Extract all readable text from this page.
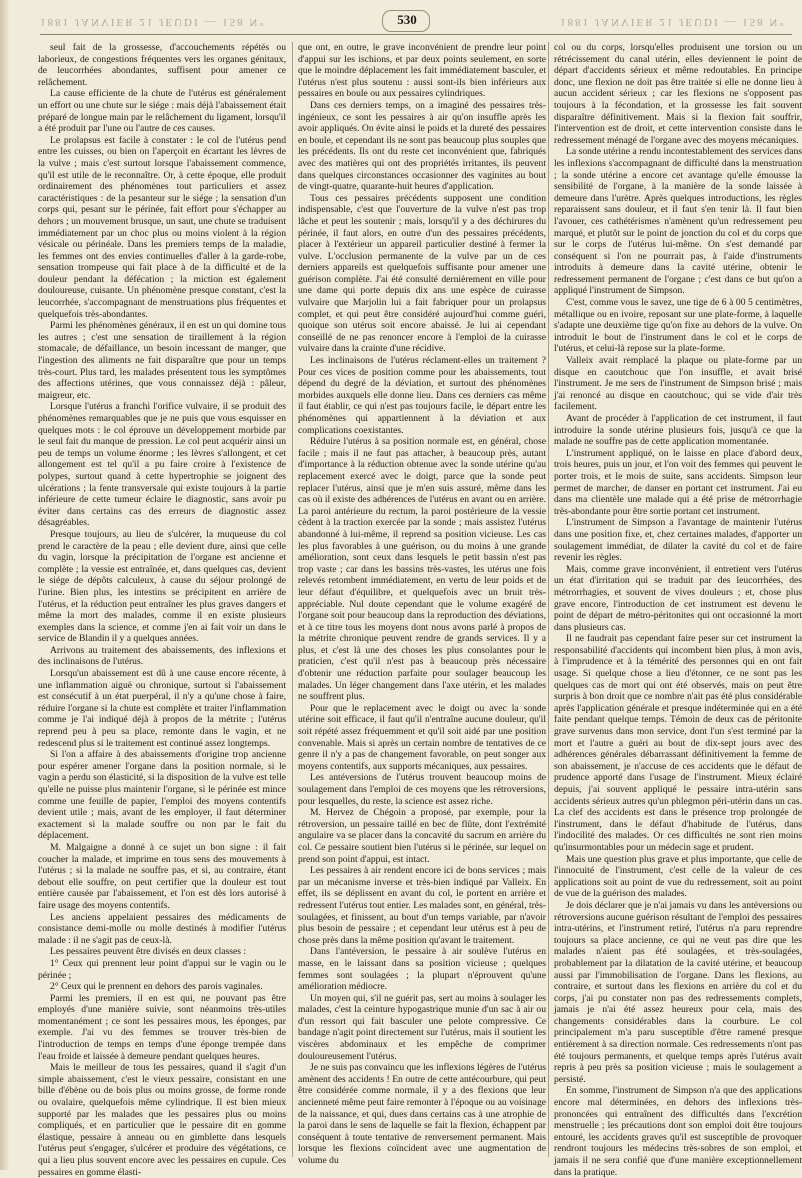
1881 JANVIER 21 JEUDI — 158 N°	530	1881 JANVIER 21 JEUDI — 158 N°

seul fait de la grossesse, d'accouchements répétés ou laborieux, de congestions fréquentes vers les organes génitaux, de leucorrhées abondantes, suffisent pour amener ce relâchement.

La cause efficiente de la chute de l'utérus est généralement un effort ou une chute sur le siége : mais déjà l'abaissement était préparé de longue main par le relâchement du ligament, lorsqu'il a été produit par l'une ou l'autre de ces causes.

Le prolapsus est facile à constater : le col de l'utérus pend entre les cuisses, ou bien on l'aperçoit en écartant les lèvres de la vulve ; mais c'est surtout lorsque l'abaissement commence, qu'il est utile de le reconnaître. Or, à cette époque, elle produit ordinairement des phénomènes tout particuliers et assez caractéristiques : de la pesanteur sur le siége ; la sensation d'un corps qui, pesant sur le périnée, fait effort pour s'échapper au dehors ; un mouvement brusque, un saut, une chute se traduisent immédiatement par un choc plus ou moins violent à la région vésicale ou périnéale. Dans les premiers temps de la maladie, les femmes ont des envies continuelles d'aller à la garde-robe, sensation trompeuse qui fait place à de la difficulté et de la douleur pendant la défécation ; la miction est également douloureuse, cuisante. Un phénomène presque constant, c'est la leucorrhée, s'accompagnant de menstruations plus fréquentes et quelquefois très-abondantes.

Parmi les phénomènes généraux, il en est un qui domine tous les autres ; c'est une sensation de tiraillement à la région stomacale, de défaillance, un besoin incessant de manger, que l'ingestion des aliments ne fait disparaître que pour un temps très-court. Plus tard, les malades présentent tous les symptômes des affections utérines, que vous connaissez déjà : pâleur, maigreur, etc.

Lorsque l'utérus a franchi l'orifice vulvaire, il se produit des phénomènes remarquables que je ne puis que vous esquisser en quelques mots : le col éprouve un développement morbide par le seul fait du manque de pression. Le col peut acquérir ainsi un peu de temps un volume énorme ; les lèvres s'allongent, et cet allongement est tel qu'il a pu faire croire à l'existence de polypes, surtout quand à cette hypertrophie se joignent des ulcérations ; la fente transversale qui existe toujours à la partie inférieure de cette tumeur éclaire le diagnostic, sans avoir pu éviter dans certains cas des erreurs de diagnostic assez désagréables.

Presque toujours, au lieu de s'ulcérer, la muqueuse du col prend le caractère de la peau ; elle devient dure, ainsi que celle du vagin, lorsque la précipitation de l'organe est ancienne et complète ; la vessie est entraînée, et, dans quelques cas, devient le siége de dépôts calculeux, à cause du séjour prolongé de l'urine. Bien plus, les intestins se précipitent en arrière de l'utérus, et la réduction peut entraîner les plus graves dangers et même la mort des malades, comme il en existe plusieurs exemples dans la science, et comme j'en ai fait voir un dans le service de Blandin il y a quelques années.

Arrivons au traitement des abaissements, des inflexions et des inclinaisons de l'utérus.

Lorsqu'un abaissement est dû à une cause encore récente, à une inflammation aiguë ou chronique, surtout si l'abaissement est consécutif à un état puerpéral, il n'y a qu'une chose à faire, réduire l'organe si la chute est complète et traiter l'inflammation comme je l'ai indiqué déjà à propos de la métrite ; l'utérus reprend peu à peu sa place, remonte dans le vagin, et ne redescend plus si le traitement est continué assez longtemps.

Si l'on a affaire à des abaissements d'origine trop ancienne pour espérer amener l'organe dans la position normale, si le vagin a perdu son élasticité, si la disposition de la vulve est telle qu'elle ne puisse plus maintenir l'organe, si le périnée est mince comme une feuille de papier, l'emploi des moyens contentifs devient utile ; mais, avant de les employer, il faut déterminer exactement si la malade souffre ou non par le fait du déplacement.

M. Malgaigne a donné à ce sujet un bon signe : il fait coucher la malade, et imprime en tous sens des mouvements à l'utérus ; si la malade ne souffre pas, et si, au contraire, étant debout elle souffre, on peut certifier que la douleur est tout entière causée par l'abaissement, et l'on est dès lors autorisé à faire usage des moyens contentifs.

Les anciens appelaient pessaires des médicaments de consistance demi-molle ou molle destinés à modifier l'utérus malade : il ne s'agit pas de ceux-là.

Les pessaires peuvent être divisés en deux classes :

1° Ceux qui prennent leur point d'appui sur le vagin ou le périnée ;

2° Ceux qui le prennent en dehors des parois vaginales.

Parmi les premiers, il en est qui, ne pouvant pas être employés d'une manière suivie, sont néanmoins très-utiles momentanément ; ce sont les pessaires mous, les éponges, par exemple. J'ai vu des femmes se trouver très-bien de l'introduction de temps en temps d'une éponge trempée dans l'eau froide et laissée à demeure pendant quelques heures.

Mais le meilleur de tous les pessaires, quand il s'agit d'un simple abaissement, c'est le vieux pessaire, consistant en une bille d'ébène ou de bois plus ou moins grosse, de forme ronde ou ovalaire, quelquefois même cylindrique. Il est bien mieux supporté par les malades que les pessaires plus ou moins compliqués, et en particulier que le pessaire dit en gomme élastique, pessaire à anneau ou en gimblette dans lesquels l'utérus peut s'engager, s'ulcérer et produire des végétations, ce qui a lieu plus souvent encore avec les pessaires en cupule. Ces pessaires en gomme élasti-

que ont, en outre, le grave inconvénient de prendre leur point d'appui sur les ischions, et par deux points seulement, en sorte que le moindre déplacement les fait immédiatement basculer, et l'utérus n'est plus soutenu : aussi sont-ils bien inférieurs aux pessaires en boule ou aux pessaires cylindriques.

Dans ces derniers temps, on a imaginé des pessaires très-ingénieux, ce sont les pessaires à air qu'on insuffle après les avoir appliqués. On évite ainsi le poids et la dureté des pessaires en boule, et cependant ils ne sont pas beaucoup plus souples que les précédents. Ils ont du reste cet inconvénient que, fabriqués avec des matières qui ont des propriétés irritantes, ils peuvent dans quelques circonstances occasionner des vaginites au bout de vingt-quatre, quarante-huit heures d'application.

Tous ces pessaires précédents supposent une condition indispensable, c'est que l'ouverture de la vulve n'est pas trop lâche et peut les soutenir ; mais, lorsqu'il y a des déchirures du périnée, il faut alors, en outre d'un des pessaires précédents, placer à l'extérieur un appareil particulier destiné à fermer la vulve. L'occlusion permanente de la vulve par un de ces derniers appareils est quelquefois suffisante pour amener une guérison complète. J'ai été consulté dernièrement en ville pour une dame qui porte depuis dix ans une espèce de cuirasse vulvaire que Marjolin lui a fait fabriquer pour un prolapsus complet, et qui peut être considéré aujourd'hui comme guéri, quoique son utérus soit encore abaissé. Je lui ai cependant conseillé de ne pas renoncer encore à l'emploi de la cuirasse vulvaire dans la crainte d'une récidive.

Les inclinaisons de l'utérus réclament-elles un traitement ? Pour ces vices de position comme pour les abaissements, tout dépend du degré de la déviation, et surtout des phénomènes morbides auxquels elle donne lieu. Dans ces derniers cas même il faut établir, ce qui n'est pas toujours facile, le départ entre les phénomènes qui appartiennent à la déviation et aux complications coexistantes.

Réduire l'utérus à sa position normale est, en général, chose facile ; mais il ne faut pas attacher, à beaucoup près, autant d'importance à la réduction obtenue avec la sonde utérine qu'au replacement exercé avec le doigt, parce que la sonde peut replacer l'utérus, ainsi que je m'en suis assuré, même dans les cas où il existe des adhérences de l'utérus en avant ou en arrière. La paroi antérieure du rectum, la paroi postérieure de la vessie cèdent à la traction exercée par la sonde ; mais assistez l'utérus abandonné à lui-même, il reprend sa position vicieuse. Les cas les plus favorables à une guérison, ou du moins à une grande amélioration, sont ceux dans lesquels le petit bassin n'est pas trop vaste ; car dans les bassins très-vastes, les utérus une fois relevés retombent immédiatement, en vertu de leur poids et de leur défaut d'équilibre, et quelquefois avec un bruit très-appréciable. Nul doute cependant que le volume exagéré de l'organe soit pour beaucoup dans la reproduction des déviations, et à ce titre tous les moyens dont nous avons parlé à propos de la métrite chronique peuvent rendre de grands services. Il y a plus, et c'est là une des choses les plus consolantes pour le praticien, c'est qu'il n'est pas à beaucoup près nécessaire d'obtenir une réduction parfaite pour soulager beaucoup les malades. Un léger changement dans l'axe utérin, et les malades ne souffrent plus.

Pour que le replacement avec le doigt ou avec la sonde utérine soit efficace, il faut qu'il n'entraîne aucune douleur, qu'il soit répété assez fréquemment et qu'il soit aidé par une position convenable. Mais si après un certain nombre de tentatives de ce genre il n'y a pas de changement favorable, on peut songer aux moyens contentifs, aux supports mécaniques, aux pessaires.

Les antéversions de l'utérus trouvent beaucoup moins de soulagement dans l'emploi de ces moyens que les rétroversions, pour lesquelles, du reste, la science est assez riche.

M. Hervez de Chégoin a proposé, par exemple, pour la rétroversion, un pessaire taillé en bec de flûte, dont l'extrémité angulaire va se placer dans la concavité du sacrum en arrière du col. Ce pessaire soutient bien l'utérus si le périnée, sur lequel on prend son point d'appui, est intact.

Les pessaires à air rendent encore ici de bons services ; mais par un mécanisme inverse et très-bien indiqué par Valleix. En effet, ils se déplissent en avant du col, le portent en arrière et redressent l'utérus tout entier. Les malades sont, en général, très-soulagées, et finissent, au bout d'un temps variable, par n'avoir plus besoin de pessaire ; et cependant leur utérus est à peu de chose près dans la même position qu'avant le traitement.

Dans l'antéversion, le pessaire à air soulève l'utérus en masse, en le laissant dans sa position vicieuse ; quelques femmes sont soulagées ; la plupart n'éprouvent qu'une amélioration médiocre.

Un moyen qui, s'il ne guérit pas, sert au moins à soulager les malades, c'est la ceinture hypogastrique munie d'un sac à air ou d'un ressort qui fait basculer une pelote compressive. Ce bandage n'agit point directement sur l'utérus, mais il soutient les viscères abdominaux et les empêche de comprimer douloureusement l'utérus.

Je ne suis pas convaincu que les inflexions légères de l'utérus amènent des accidents ! En outre de cette antécourbure, qui peut être considérée comme normale, il y a des flexions que leur ancienneté même peut faire remonter à l'époque ou au voisinage de la naissance, et qui, dues dans certains cas à une atrophie de la paroi dans le sens de laquelle se fait la flexion, échappent par conséquent à toute tentative de renversement permanent. Mais lorsque les flexions coïncident avec une augmentation de volume du

col ou du corps, lorsqu'elles produisent une torsion ou un rétrécissement du canal utérin, elles deviennent le point de départ d'accidents sérieux et même redoutables. En principe donc, une flexion ne doit pas être traitée si elle ne donne lieu à aucun accident sérieux ; car les flexions ne s'opposent pas toujours à la fécondation, et la grossesse les fait souvent disparaître définitivement. Mais si la flexion fait souffrir, l'intervention est de droit, et cette intervention consiste dans le redressement ménagé de l'organe avec des moyens mécaniques.

La sonde utérine a rendu incontestablement des services dans les inflexions s'accompagnant de difficulté dans la menstruation ; la sonde utérine a encore cet avantage qu'elle émousse la sensibilité de l'organe, à la manière de la sonde laissée à demeure dans l'urètre. Après quelques introductions, les règles reparaissent sans douleur, et il faut s'en tenir là. Il faut bien l'avouer, ces cathétérismes n'amènent qu'un redressement peu marqué, et plutôt sur le point de jonction du col et du corps que sur le corps de l'utérus lui-même. On s'est demandé par conséquent si l'on ne pourrait pas, à l'aide d'instruments introduits à demeure dans la cavité utérine, obtenir le redressement permanent de l'organe ; c'est dans ce but qu'on a appliqué l'instrument de Simpson.

C'est, comme vous le savez, une tige de 6 à 00 5 centimètres, métallique ou en ivoire, reposant sur une plate-forme, à laquelle s'adapte une deuxième tige qu'on fixe au dehors de la vulve. On introduit le bout de l'instrument dans le col et le corps de l'utérus, et celui-là repose sur la plate-forme.

Valleix avait remplacé la plaque ou plate-forme par un disque en caoutchouc que l'on insuffle, et avait brisé l'instrument. Je me sers de l'instrument de Simpson brisé ; mais j'ai renoncé au disque en caoutchouc, qui se vide d'air très facilement.

Avant de procéder à l'application de cet instrument, il faut introduire la sonde utérine plusieurs fois, jusqu'à ce que la malade ne souffre pas de cette application momentanée.

L'instrument appliqué, on le laisse en place d'abord deux, trois heures, puis un jour, et l'on voit des femmes qui peuvent le porter trois, et le mois de suite, sans accidents. Simpson leur permet de marcher, de danser en portant cet instrument. J'ai eu dans ma clientèle une malade qui a été prise de métrorrhagie très-abondante pour être sortie portant cet instrument.

L'instrument de Simpson a l'avantage de maintenir l'utérus dans une position fixe, et, chez certaines malades, d'apporter un soulagement immédiat, de dilater la cavité du col et de faire revenir les règles.

Mais, comme grave inconvénient, il entretient vers l'utérus un état d'irritation qui se traduit par des leucorrhées, des métrorrhagies, et souvent de vives douleurs ; et, chose plus grave encore, l'introduction de cet instrument est devenu le point de départ de métro-péritonites qui ont occasionné la mort dans plusieurs cas.

Il ne faudrait pas cependant faire peser sur cet instrument la responsabilité d'accidents qui incombent bien plus, à mon avis, à l'imprudence et à la témérité des personnes qui en ont fait usage. Si quelque chose a lieu d'étonner, ce ne sont pas les quelques cas de mort qui ont été observés, mais on peut être surpris à bon droit que ce nombre n'ait pas été plus considérable après l'application générale et presque indéterminée qui en a été faite pendant quelque temps. Témoin de deux cas de péritonite grave survenus dans mon service, dont l'un s'est terminé par la mort et l'autre a guéri au bout de dix-sept jours avec des adhérences générales débarrassant définitivement la femme de son abaissement, je n'accuse de ces accidents que le défaut de prudence apporté dans l'usage de l'instrument. Mieux éclairé depuis, j'ai souvent appliqué le pessaire intra-utérin sans accidents sérieux autres qu'un phlegmon péri-utérin dans un cas. La clef des accidents est dans le présence trop prolongée de l'instrument, dans le défaut d'habitude de l'utérus, dans l'indocilité des malades. Or ces difficultés ne sont rien moins qu'insurmontables pour un médecin sage et prudent.

Mais une question plus grave et plus importante, que celle de l'innocuité de l'instrument, c'est celle de la valeur de ces applications soit au point de vue du redressement, soit au point de vue de la guérison des malades.

Je dois déclarer que je n'ai jamais vu dans les antéversions ou rétroversions aucune guérison résultant de l'emploi des pessaires intra-utérins, et l'instrument retiré, l'utérus n'a paru reprendre toujours sa place ancienne, ce qui ne veut pas dire que les malades n'aient pas été soulagées, et très-soulagées, probablement par la dilatation de la cavité utérine, et beaucoup aussi par l'immobilisation de l'organe. Dans les flexions, au contraire, et surtout dans les flexions en arrière du col et du corps, j'ai pu constater non pas des redressements complets, jamais je n'ai été assez heureux pour cela, mais des changements considérables dans la courbure. Le col principalement m'a paru susceptible d'être ramené presque entièrement à sa direction normale. Ces redressements n'ont pas été toujours permanents, et quelque temps après l'utérus avait repris à peu près sa position vicieuse ; mais le soulagement a persisté.

En somme, l'instrument de Simpson n'a que des applications encore mal déterminées, en dehors des inflexions très-prononcées qui entraînent des difficultés dans l'excrétion menstruelle ; les précautions dont son emploi doit être toujours entouré, les accidents graves qu'il est susceptible de provoquer rendront toujours les médecins très-sobres de son emploi, et jamais il ne sera confié que d'une manière exceptionnellement dans la pratique.
